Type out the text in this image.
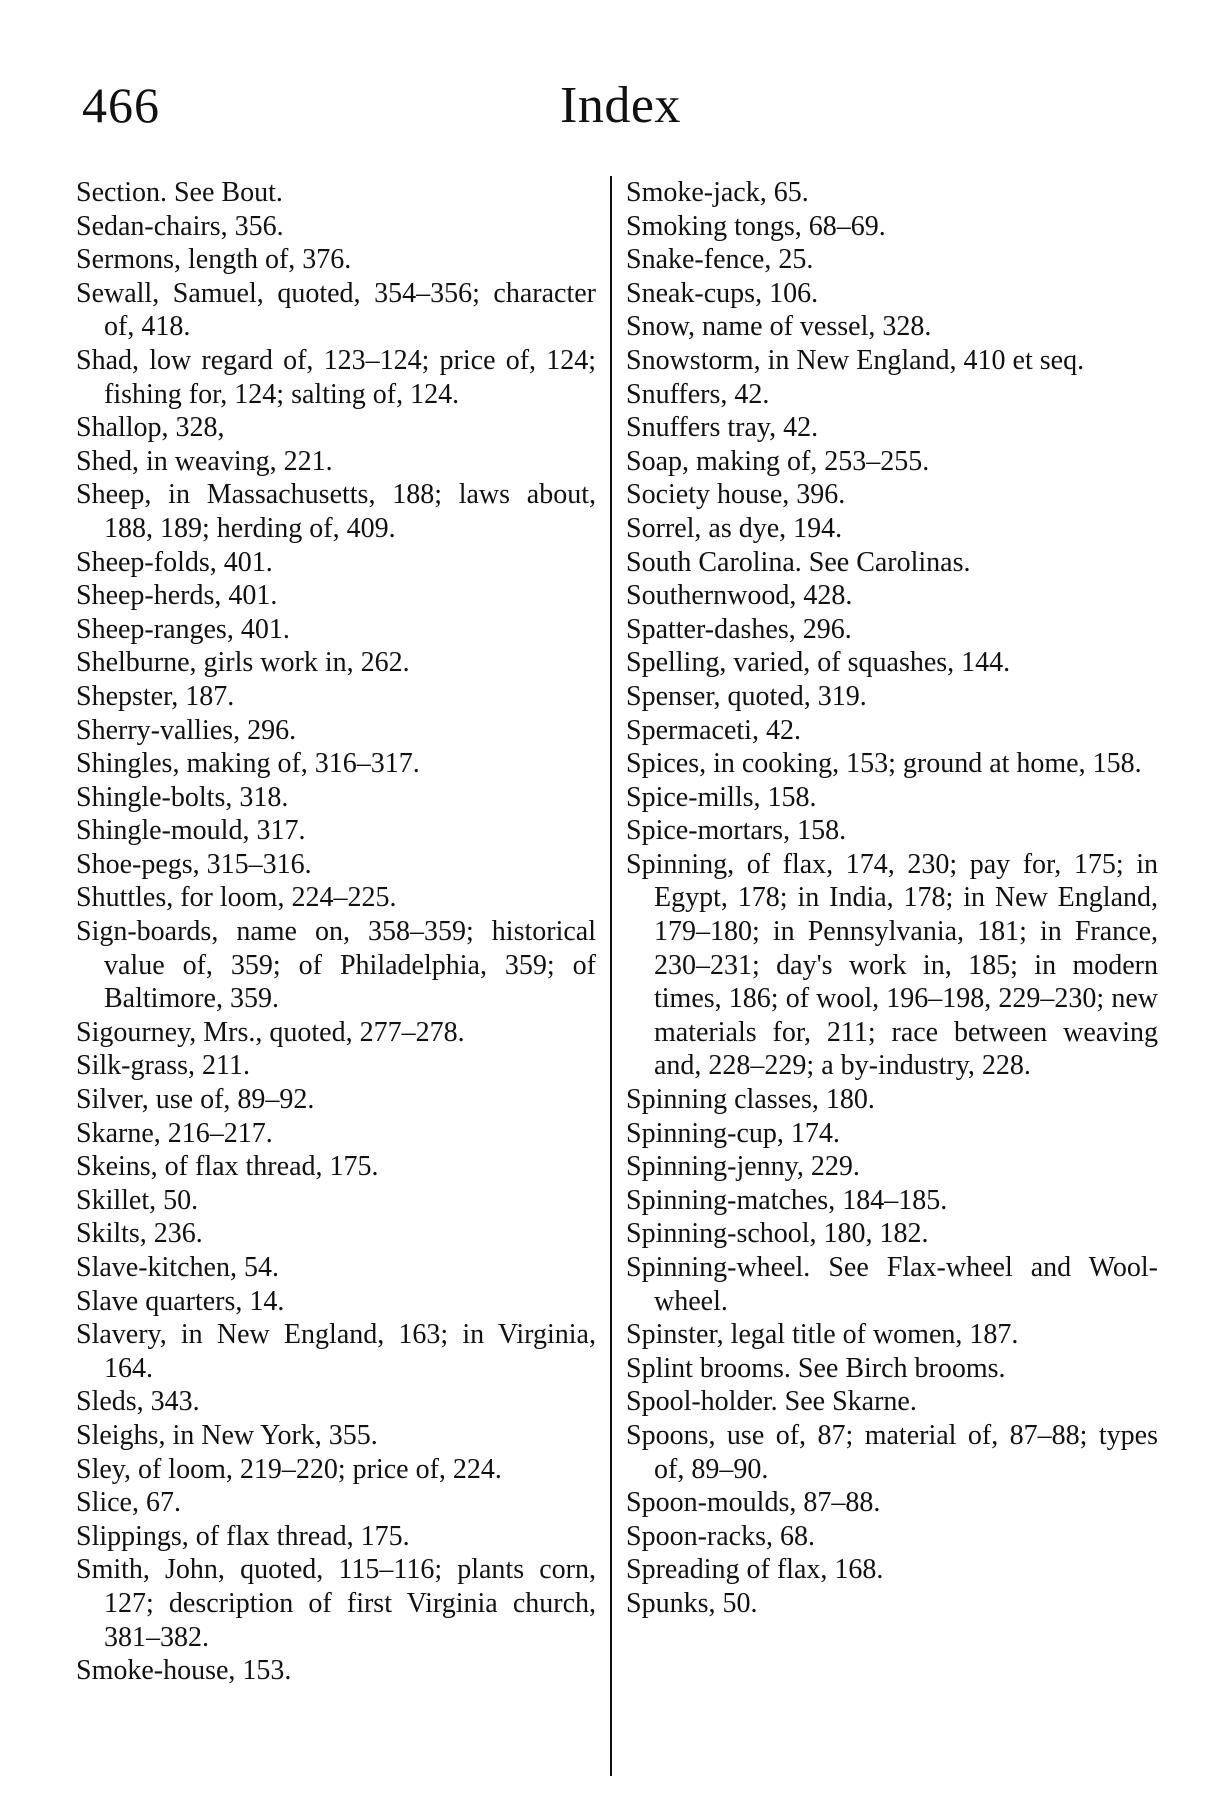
466	Index

Section. See Bout.

Sedan-chairs, 356.

Sermons, length of, 376.

Sewall, Samuel, quoted, 354–356; character of, 418.

Shad, low regard of, 123–124; price of, 124; fishing for, 124; salting of, 124.

Shallop, 328,

Shed, in weaving, 221.

Sheep, in Massachusetts, 188; laws about, 188, 189; herding of, 409.

Sheep-folds, 401.

Sheep-herds, 401.

Sheep-ranges, 401.

Shelburne, girls work in, 262.

Shepster, 187.

Sherry-vallies, 296.

Shingles, making of, 316–317.

Shingle-bolts, 318.

Shingle-mould, 317.

Shoe-pegs, 315–316.

Shuttles, for loom, 224–225.

Sign-boards, name on, 358–359; historical value of, 359; of Philadelphia, 359; of Baltimore, 359.

Sigourney, Mrs., quoted, 277–278.

Silk-grass, 211.

Silver, use of, 89–92.

Skarne, 216–217.

Skeins, of flax thread, 175.

Skillet, 50.

Skilts, 236.

Slave-kitchen, 54.

Slave quarters, 14.

Slavery, in New England, 163; in Virginia, 164.

Sleds, 343.

Sleighs, in New York, 355.

Sley, of loom, 219–220; price of, 224.

Slice, 67.

Slippings, of flax thread, 175.

Smith, John, quoted, 115–116; plants corn, 127; description of first Virginia church, 381–382.

Smoke-house, 153.

Smoke-jack, 65.

Smoking tongs, 68–69.

Snake-fence, 25.

Sneak-cups, 106.

Snow, name of vessel, 328.

Snowstorm, in New England, 410 et seq.

Snuffers, 42.

Snuffers tray, 42.

Soap, making of, 253–255.

Society house, 396.

Sorrel, as dye, 194.

South Carolina. See Carolinas.

Southernwood, 428.

Spatter-dashes, 296.

Spelling, varied, of squashes, 144.

Spenser, quoted, 319.

Spermaceti, 42.

Spices, in cooking, 153; ground at home, 158.

Spice-mills, 158.

Spice-mortars, 158.

Spinning, of flax, 174, 230; pay for, 175; in Egypt, 178; in India, 178; in New England, 179–180; in Pennsylvania, 181; in France, 230–231; day's work in, 185; in modern times, 186; of wool, 196–198, 229–230; new materials for, 211; race between weaving and, 228–229; a by-industry, 228.

Spinning classes, 180.

Spinning-cup, 174.

Spinning-jenny, 229.

Spinning-matches, 184–185.

Spinning-school, 180, 182.

Spinning-wheel. See Flax-wheel and Wool-wheel.

Spinster, legal title of women, 187.

Splint brooms. See Birch brooms.

Spool-holder. See Skarne.

Spoons, use of, 87; material of, 87–88; types of, 89–90.

Spoon-moulds, 87–88.

Spoon-racks, 68.

Spreading of flax, 168.

Spunks, 50.
